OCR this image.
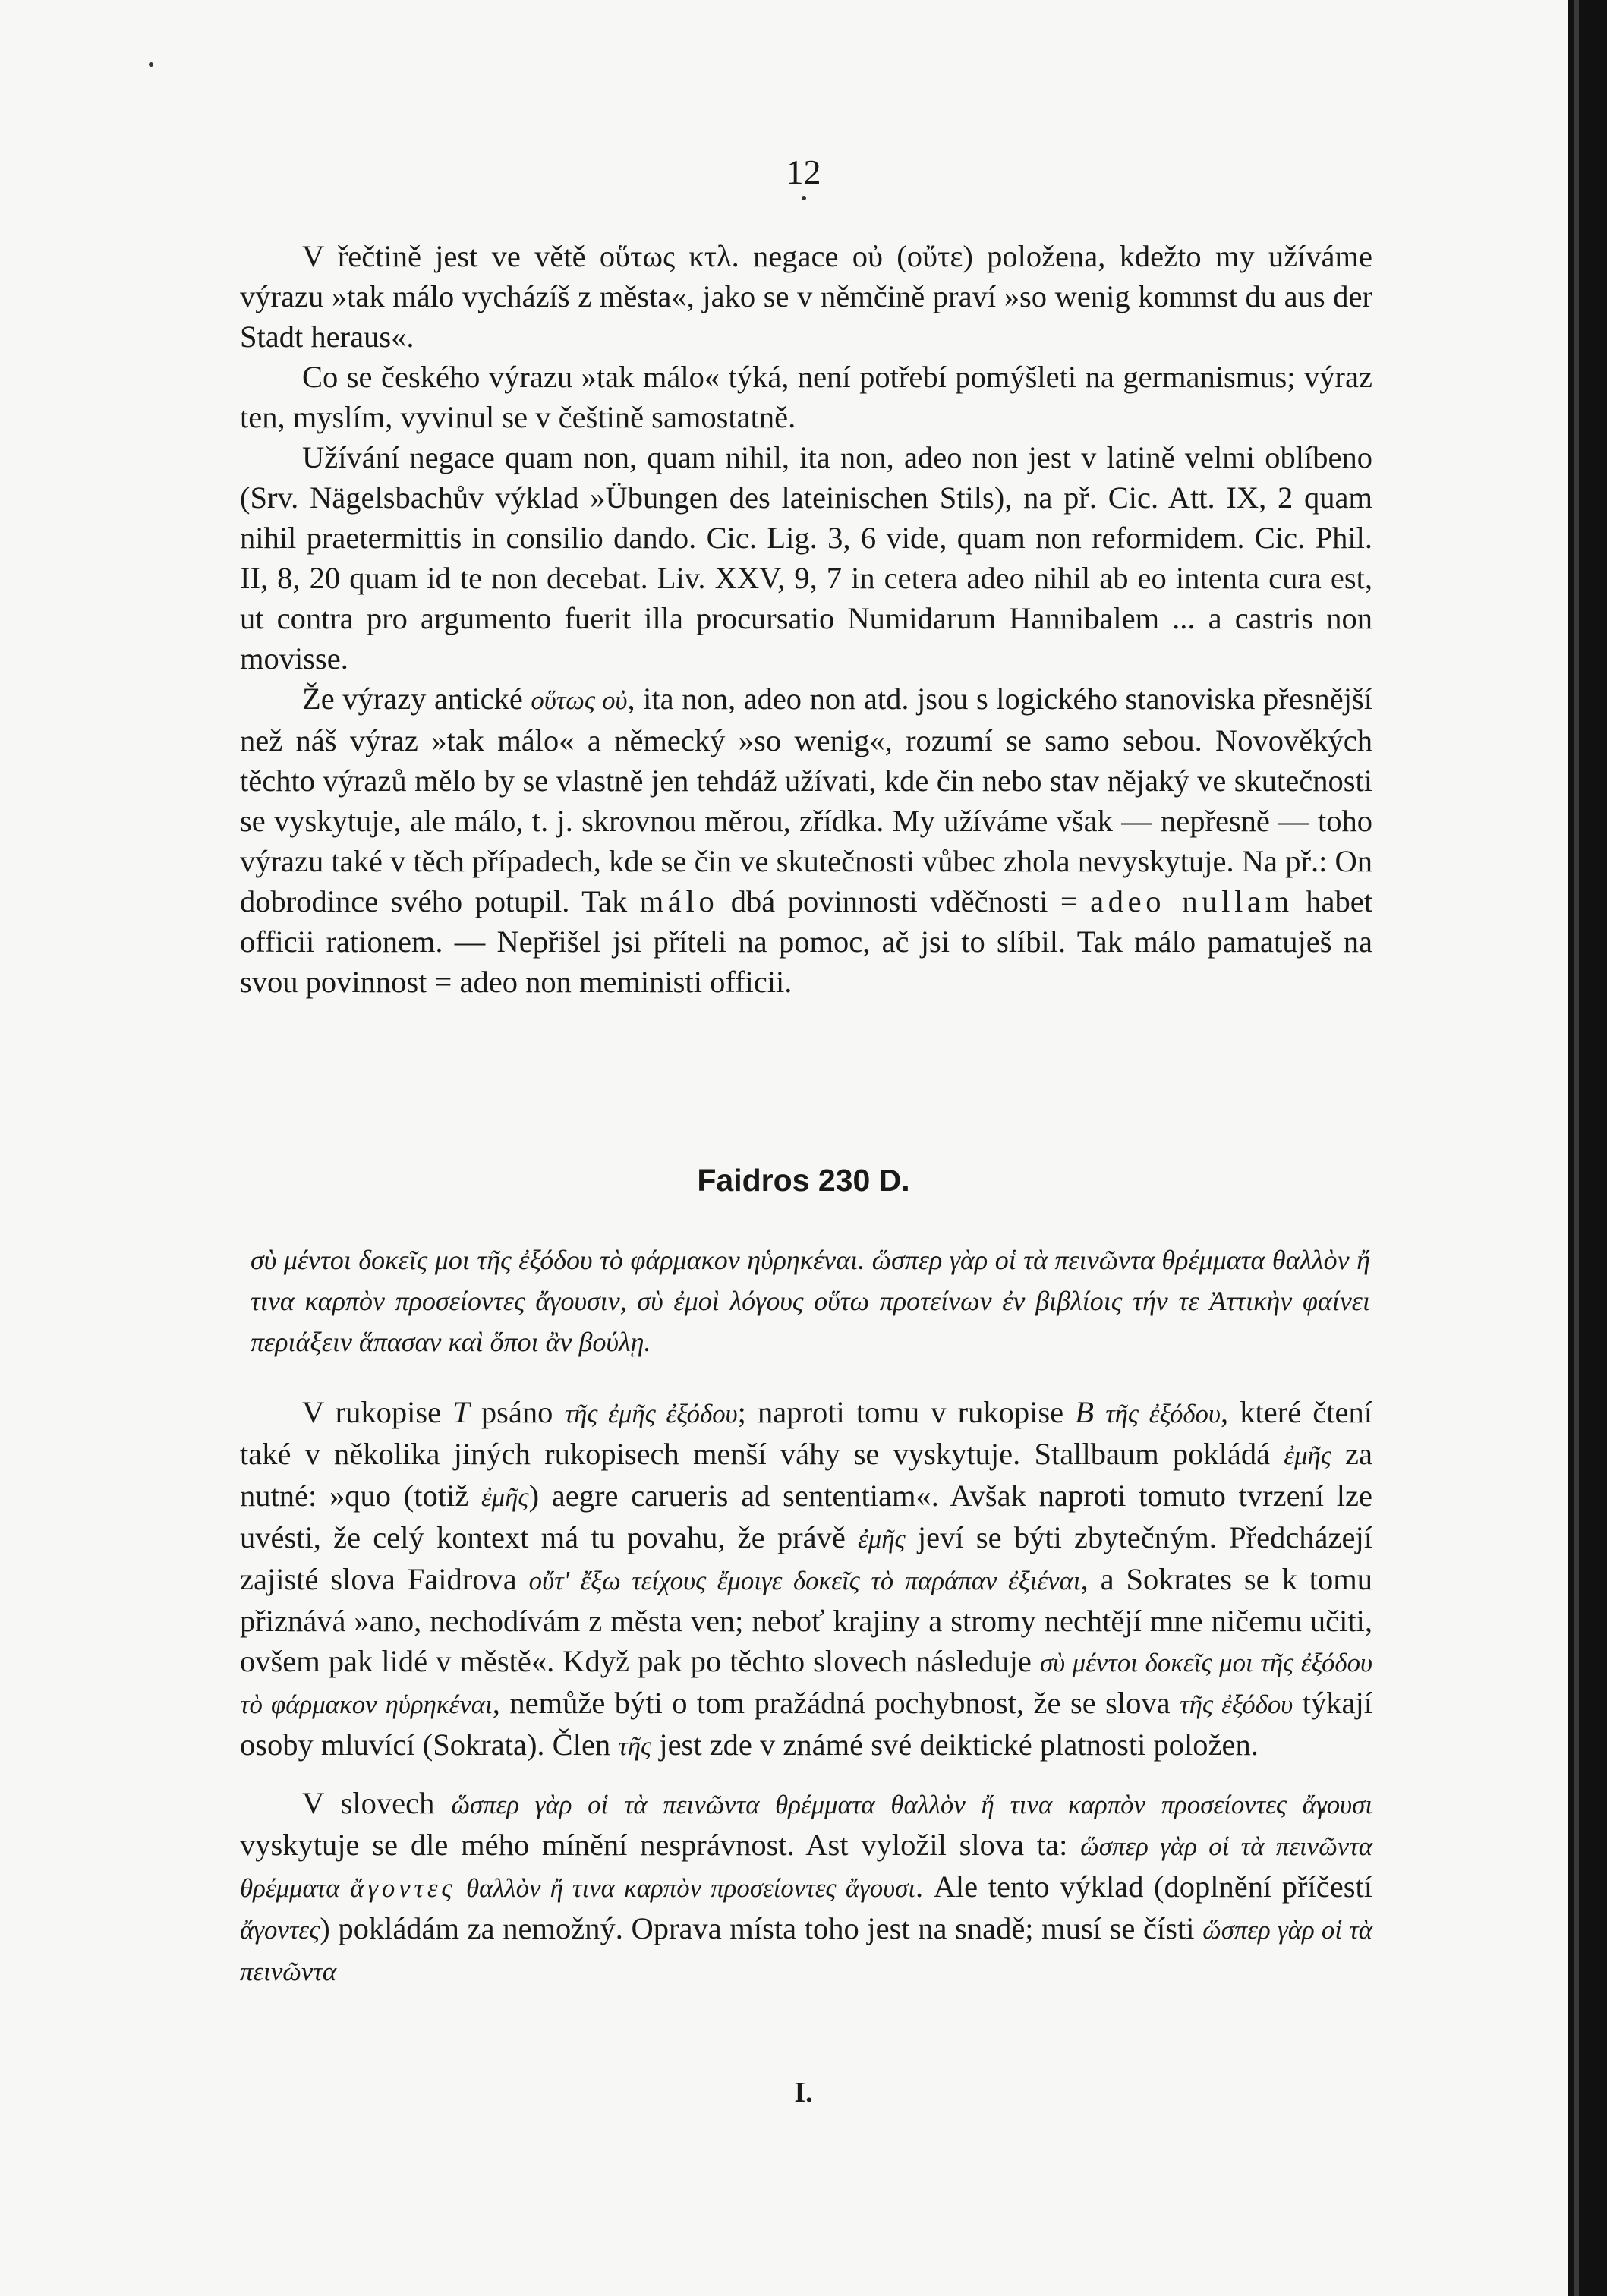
12

V řečtině jest ve větě οὕτως κτλ. negace οὐ (οὔτε) položena, kdežto my užíváme výrazu »tak málo vycházíš z města«, jako se v němčině praví »so wenig kommst du aus der Stadt heraus«.

Co se českého výrazu »tak málo« týká, není potřebí pomýšleti na germanismus; výraz ten, myslím, vyvinul se v češtině samostatně.

Užívání negace quam non, quam nihil, ita non, adeo non jest v latině velmi oblíbeno (Srv. Nägelsbachův výklad »Übungen des lateinischen Stils), na př. Cic. Att. IX, 2 quam nihil praetermittis in consilio dando. Cic. Lig. 3, 6 vide, quam non reformidem. Cic. Phil. II, 8, 20 quam id te non decebat. Liv. XXV, 9, 7 in cetera adeo nihil ab eo intenta cura est, ut contra pro argumento fuerit illa procursatio Numidarum Hannibalem ... a castris non movisse.

Že výrazy antické οὕτως οὐ, ita non, adeo non atd. jsou s logického stanoviska přesnější než náš výraz »tak málo« a německý »so wenig«, rozumí se samo sebou. Novověkých těchto výrazů mělo by se vlastně jen tehdáž užívati, kde čin nebo stav nějaký ve skutečnosti se vyskytuje, ale málo, t. j. skrovnou měrou, zřídka. My užíváme však — nepřesně — toho výrazu také v těch případech, kde se čin ve skutečnosti vůbec zhola nevyskytuje. Na př.: On dobrodince svého potupil. Tak málo dbá povinnosti vděčnosti = adeo nullam habet officii rationem. — Nepřišel jsi příteli na pomoc, ač jsi to slíbil. Tak málo pamatuješ na svou povinnost = adeo non meministi officii.

Faidros 230 D.
σὺ μέντοι δοκεῖς μοι τῆς ἐξόδου τὸ φάρμακον ηὑρηκέναι. ὥσπερ γὰρ οἱ τὰ πεινῶντα θρέμματα θαλλὸν ἤ τινα καρπὸν προσείοντες ἄγουσιν, σὺ ἐμοὶ λόγους οὕτω προτείνων ἐν βιβλίοις τήν τε Ἀττικὴν φαίνει περιάξειν ἅπασαν καὶ ὅποι ἂν βούλῃ.

V rukopise T psáno τῆς ἐμῆς ἐξόδου; naproti tomu v rukopise B τῆς ἐξόδου, které čtení také v několika jiných rukopisech menší váhy se vyskytuje. Stallbaum pokládá ἐμῆς za nutné: »quo (totiž ἐμῆς) aegre carueris ad sententiam«. Avšak naproti tomuto tvrzení lze uvésti, že celý kontext má tu povahu, že právě ἐμῆς jeví se býti zbytečným. Předcházejí zajisté slova Faidrova οὔτ' ἔξω τείχους ἔμοιγε δοκεῖς τὸ παράπαν ἐξιέναι, a Sokrates se k tomu přiznává »ano, nechodívám z města ven; neboť krajiny a stromy nechtějí mne ničemu učiti, ovšem pak lidé v městě«. Když pak po těchto slovech následuje σὺ μέντοι δοκεῖς μοι τῆς ἐξόδου τὸ φάρμακον ηὑρηκέναι, nemůže býti o tom pražádná pochybnost, že se slova τῆς ἐξόδου týkají osoby mluvící (Sokrata). Člen τῆς jest zde v známé své deiktické platnosti položen.

V slovech ὥσπερ γὰρ οἱ τὰ πεινῶντα θρέμματα θαλλὸν ἤ τινα καρπὸν προσείοντες ἄγουσι vyskytuje se dle mého mínění nesprávnost. Ast vyložil slova ta: ὥσπερ γὰρ οἱ τὰ πεινῶντα θρέμματα ἄγοντες θαλλὸν ἤ τινα καρπὸν προσείοντες ἄγουσι. Ale tento výklad (doplnění příčestí ἄγοντες) pokládám za nemožný. Oprava místa toho jest na snadě; musí se čísti ὥσπερ γὰρ οἱ τὰ πεινῶντα

I.
